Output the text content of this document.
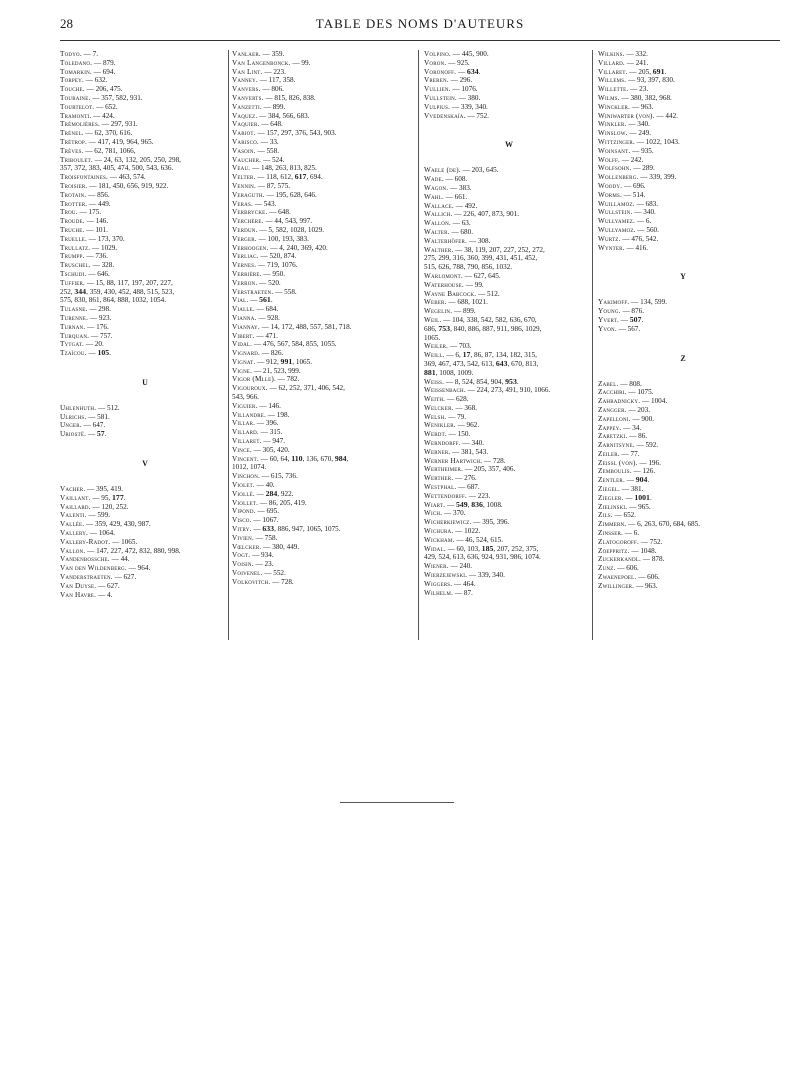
28	TABLE DES NOMS D'AUTEURS
Todyo. — 7.
Toledano. — 879.
Tomarkin. — 694.
Torpey. — 632.
Touche. — 206, 475.
Touraine. — 357, 582, 931.
Tourtelot. — 652.
Tramonti. — 424.
Trémolières. — 297, 931.
Trénel. — 62, 370, 616.
Trétrop. — 417, 419, 964, 965.
Trèves. — 62, 781, 1066,
Triboulet. — 24, 63, 132, 205, 250, 298,
357, 372, 383, 405, 474, 500, 543, 636.
Troisfontaines. — 463, 574.
Troisier. — 181, 450, 656, 919, 922.
Trotain. — 856.
Trotter. — 449.
Trou. — 175.
Troude. — 146.
Truche. — 101.
Truelle. — 173, 370.
Trullatz. — 1029.
Trumpp. — 736.
Truschel. — 328.
Tschudi. — 646.
Tuffier. — 15, 88, 117, 197, 207, 227,
252, 344, 359, 430, 452, 488, 515, 523,
575, 830, 861, 864, 888, 1032, 1054.
Tulasne. — 298.
Turenne. — 923.
Turnan. — 176.
Turquan. — 757.
Tytgat. — 20.
Tzaïcou. — 105.
U
Uhlenhuth. — 512.
Ulrichs. — 581.
Unger. — 647.
Uriostë. — 57.
V
Vacher. — 395, 419.
Vaillant. — 95, 177.
Vaillard. — 120, 252.
Valenti. — 599.
Vallée. — 359, 429, 430, 987.
Vallery. — 1064.
Vallery-Radot. — 1065.
Vallon. — 147, 227, 472, 832, 880, 998.
Vandenbossche. — 44.
Van den Wildenberg. — 964.
Vanderstraeten. — 627.
Van Duyse. — 627.
Van Havre. — 4.
Vanlaer. — 359.
Van Langenbonck. — 99.
Van Lint. — 223.
Vanney. — 117, 358.
Vanvers. — 806.
Vanverts. — 815, 826, 838.
Vanzetti. — 899.
Vaquez. — 384, 566, 683.
Vaquier. — 648.
Variot. — 157, 297, 376, 543, 903.
Varisco. — 33.
Vasoin. — 558.
Vaucher. — 524.
Veau. — 148, 263, 813, 825.
Velter. — 118, 612, 617, 694.
Vennin. — 87, 575.
Veraguth. — 195, 628, 646.
Veras. — 543.
Verbrycke. — 648.
Verchère. — 44, 543, 997.
Verdun. — 5, 582, 1028, 1029.
Verger. — 100, 193, 383.
Verhoogen. — 4, 240, 369, 420.
Verliac. — 520, 874.
Vernes. — 719, 1076.
Verrière. — 950.
Verron. — 520.
Verstraeten. — 558.
Vial. — 561.
Vialle. — 684.
Vianna. — 928.
Viannay. — 14, 172, 488, 557, 581, 718.
Vibert. — 471.
Vidal. — 476, 567, 584, 855, 1055.
Vignard. — 826.
Vignat. — 912, 991, 1065.
Vigne. — 21, 523, 999.
Vigor (Mlle). — 782.
Vigouroux. — 62, 252, 371, 406, 542,
543, 966.
Viguier. — 146.
Villandre. — 198.
Villar. — 396.
Villard. — 315.
Villaret. — 947.
Vince. — 305, 420.
Vincent. — 60, 64, 110, 136, 670, 984,
1012, 1074.
Vinchon. — 615, 736.
Violet. — 40.
Viollé. — 284, 922.
Viollet. — 86, 205, 419.
Vipond. — 695.
Visco. — 1067.
Vitry. — 633, 886, 947, 1065, 1075.
Vivien. — 758.
Vœlcker. — 380, 449.
Vogt. — 934.
Voisin. — 23.
Voivenel. — 552.
Volkovitch. — 728.
Volpino. — 445, 900.
Voron. — 925.
Voronoff. — 634.
Vreren. — 296.
Vullien. — 1076.
Vullstein. — 380.
Vulpius. — 339, 340.
Vvedenskaïa. — 752.
W
Waele (de). — 203, 645.
Wade. — 608.
Wagon. — 383.
Wahl. — 661.
Wallace. — 492.
Wallich. — 226, 407, 873, 901.
Wallon. — 63.
Walter. — 680.
Walterhöfer. — 308.
Walther. — 38, 119, 207, 227, 252, 272,
275, 299, 316, 360, 399, 431, 451, 452,
515, 626, 788, 790, 856, 1032.
Warlomont. — 627, 645.
Waterhouse. — 99.
Wayne Babcock. — 512.
Weber. — 688, 1021.
Wegelin. — 899.
Weil. — 104, 338, 542, 582, 636, 670,
686, 753, 840, 886, 887, 911, 986, 1029,
1065.
Weiler. — 703.
Weill. — 6, 17, 86, 87, 134, 182, 315,
369, 467, 473, 542, 613, 643, 670, 813,
881, 1008, 1009.
Weiss. — 8, 524, 854, 904, 953.
Weissenbach. — 224, 273, 491, 910, 1066.
Weith. — 628.
Welcker. — 368.
Welsh. — 79.
Wenikler. — 962.
Werdt. — 150.
Werndorff. — 340.
Werner. — 381, 543.
Werner Hartwich. — 728.
Wertheimer. — 205, 357, 406.
Werther. — 276.
Westphal. — 687.
Wettendorff. — 223.
Wiart. — 549, 836, 1008.
Wich. — 370.
Wicherkiewicz. — 395, 396.
Wichura. — 1022.
Wickham. — 46, 524, 615.
Widal. — 60, 103, 185, 207, 252, 375,
429, 524, 613, 636, 924, 931, 986, 1074.
Wiener. — 240.
Wierzejewski. — 339, 340.
Wiggers. — 464.
Wilhelm. — 87.
Wilkins. — 332.
Villard. — 241.
Villaret. — 205, 691.
Willems. — 93, 397, 830.
Willette. — 23.
Wilms. — 380, 382, 968.
Winckler. — 963.
Winiwarter (von). — 442.
Winkler. — 340.
Winslow. — 249.
Wittzinger. — 1022, 1043.
Woinsant. — 935.
Wolff. — 242.
Wolfsohn. — 289.
Wollenberg. — 339, 399.
Woody. — 696.
Worms. — 514.
Wuillamoz. — 683.
Wullstein. — 340.
Wullyamez. — 6.
Wullyamoz. — 560.
Wurtz. — 476, 542.
Wynter. — 416.
Y
Yakimoff. — 134, 599.
Young. — 876.
Yvert. — 507.
Yvon. — 567.
Z
Zabel. — 808.
Zacchiri. — 1075.
Zahradnicky. — 1004.
Zangger. — 203.
Zapelloni. — 900.
Zappey. — 34.
Zaretzki. — 86.
Zarnitsyne. — 592.
Zeiler. — 77.
Zeissl (von). — 196.
Zemboulis. — 126.
Zentler. — 904.
Ziegel. — 381.
Ziegler. — 1001.
Zielinski. — 965.
Zils. — 652.
Zimmern. — 6, 263, 670, 684, 685.
Zinsser. — 6.
Zlatogoroff. — 752.
Zoeppritz. — 1048.
Zuckerkandl. — 878.
Zunz. — 606.
Zwaenepoel. — 606.
Zwillinger. — 963.
